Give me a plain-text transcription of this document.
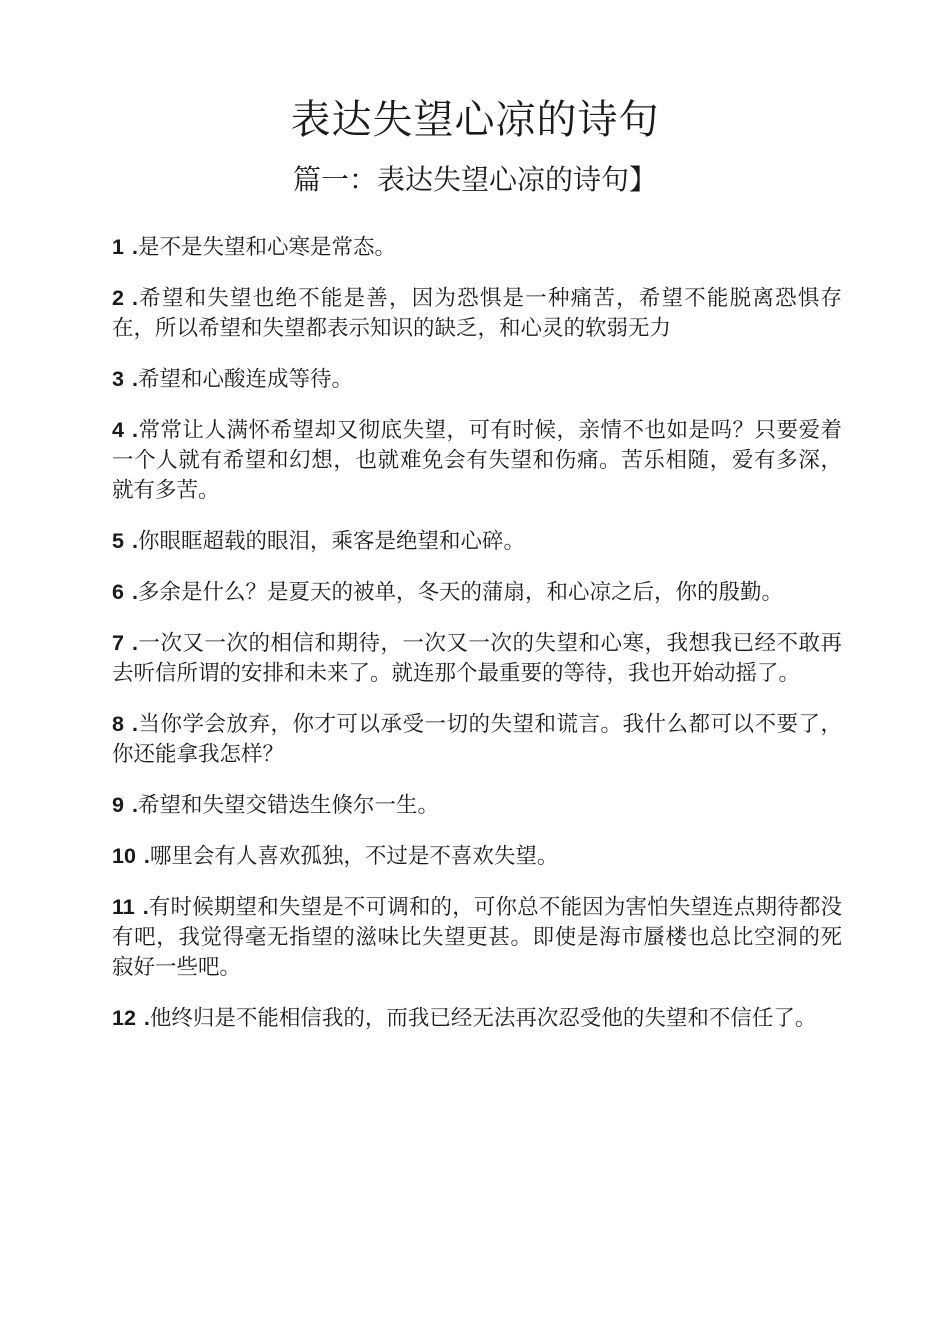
表达失望心凉的诗句
篇一：表达失望心凉的诗句】
1 .是不是失望和心寒是常态。
2 .希望和失望也绝不能是善，因为恐惧是一种痛苦，希望不能脱离恐惧存在，所以希望和失望都表示知识的缺乏，和心灵的软弱无力
3 .希望和心酸连成等待。
4 .常常让人满怀希望却又彻底失望，可有时候，亲情不也如是吗？只要爱着一个人就有希望和幻想，也就难免会有失望和伤痛。苦乐相随，爱有多深，就有多苦。
5 .你眼眶超载的眼泪，乘客是绝望和心碎。
6 .多余是什么？是夏天的被单，冬天的蒲扇，和心凉之后，你的殷勤。
7 .一次又一次的相信和期待，一次又一次的失望和心寒，我想我已经不敢再去听信所谓的安排和未来了。就连那个最重要的等待，我也开始动摇了。
8 .当你学会放弃，你才可以承受一切的失望和谎言。我什么都可以不要了，你还能拿我怎样？
9 .希望和失望交错迭生倏尔一生。
10 .哪里会有人喜欢孤独，不过是不喜欢失望。
11 .有时候期望和失望是不可调和的，可你总不能因为害怕失望连点期待都没有吧，我觉得毫无指望的滋味比失望更甚。即使是海市蜃楼也总比空洞的死寂好一些吧。
12 .他终归是不能相信我的，而我已经无法再次忍受他的失望和不信任了。
